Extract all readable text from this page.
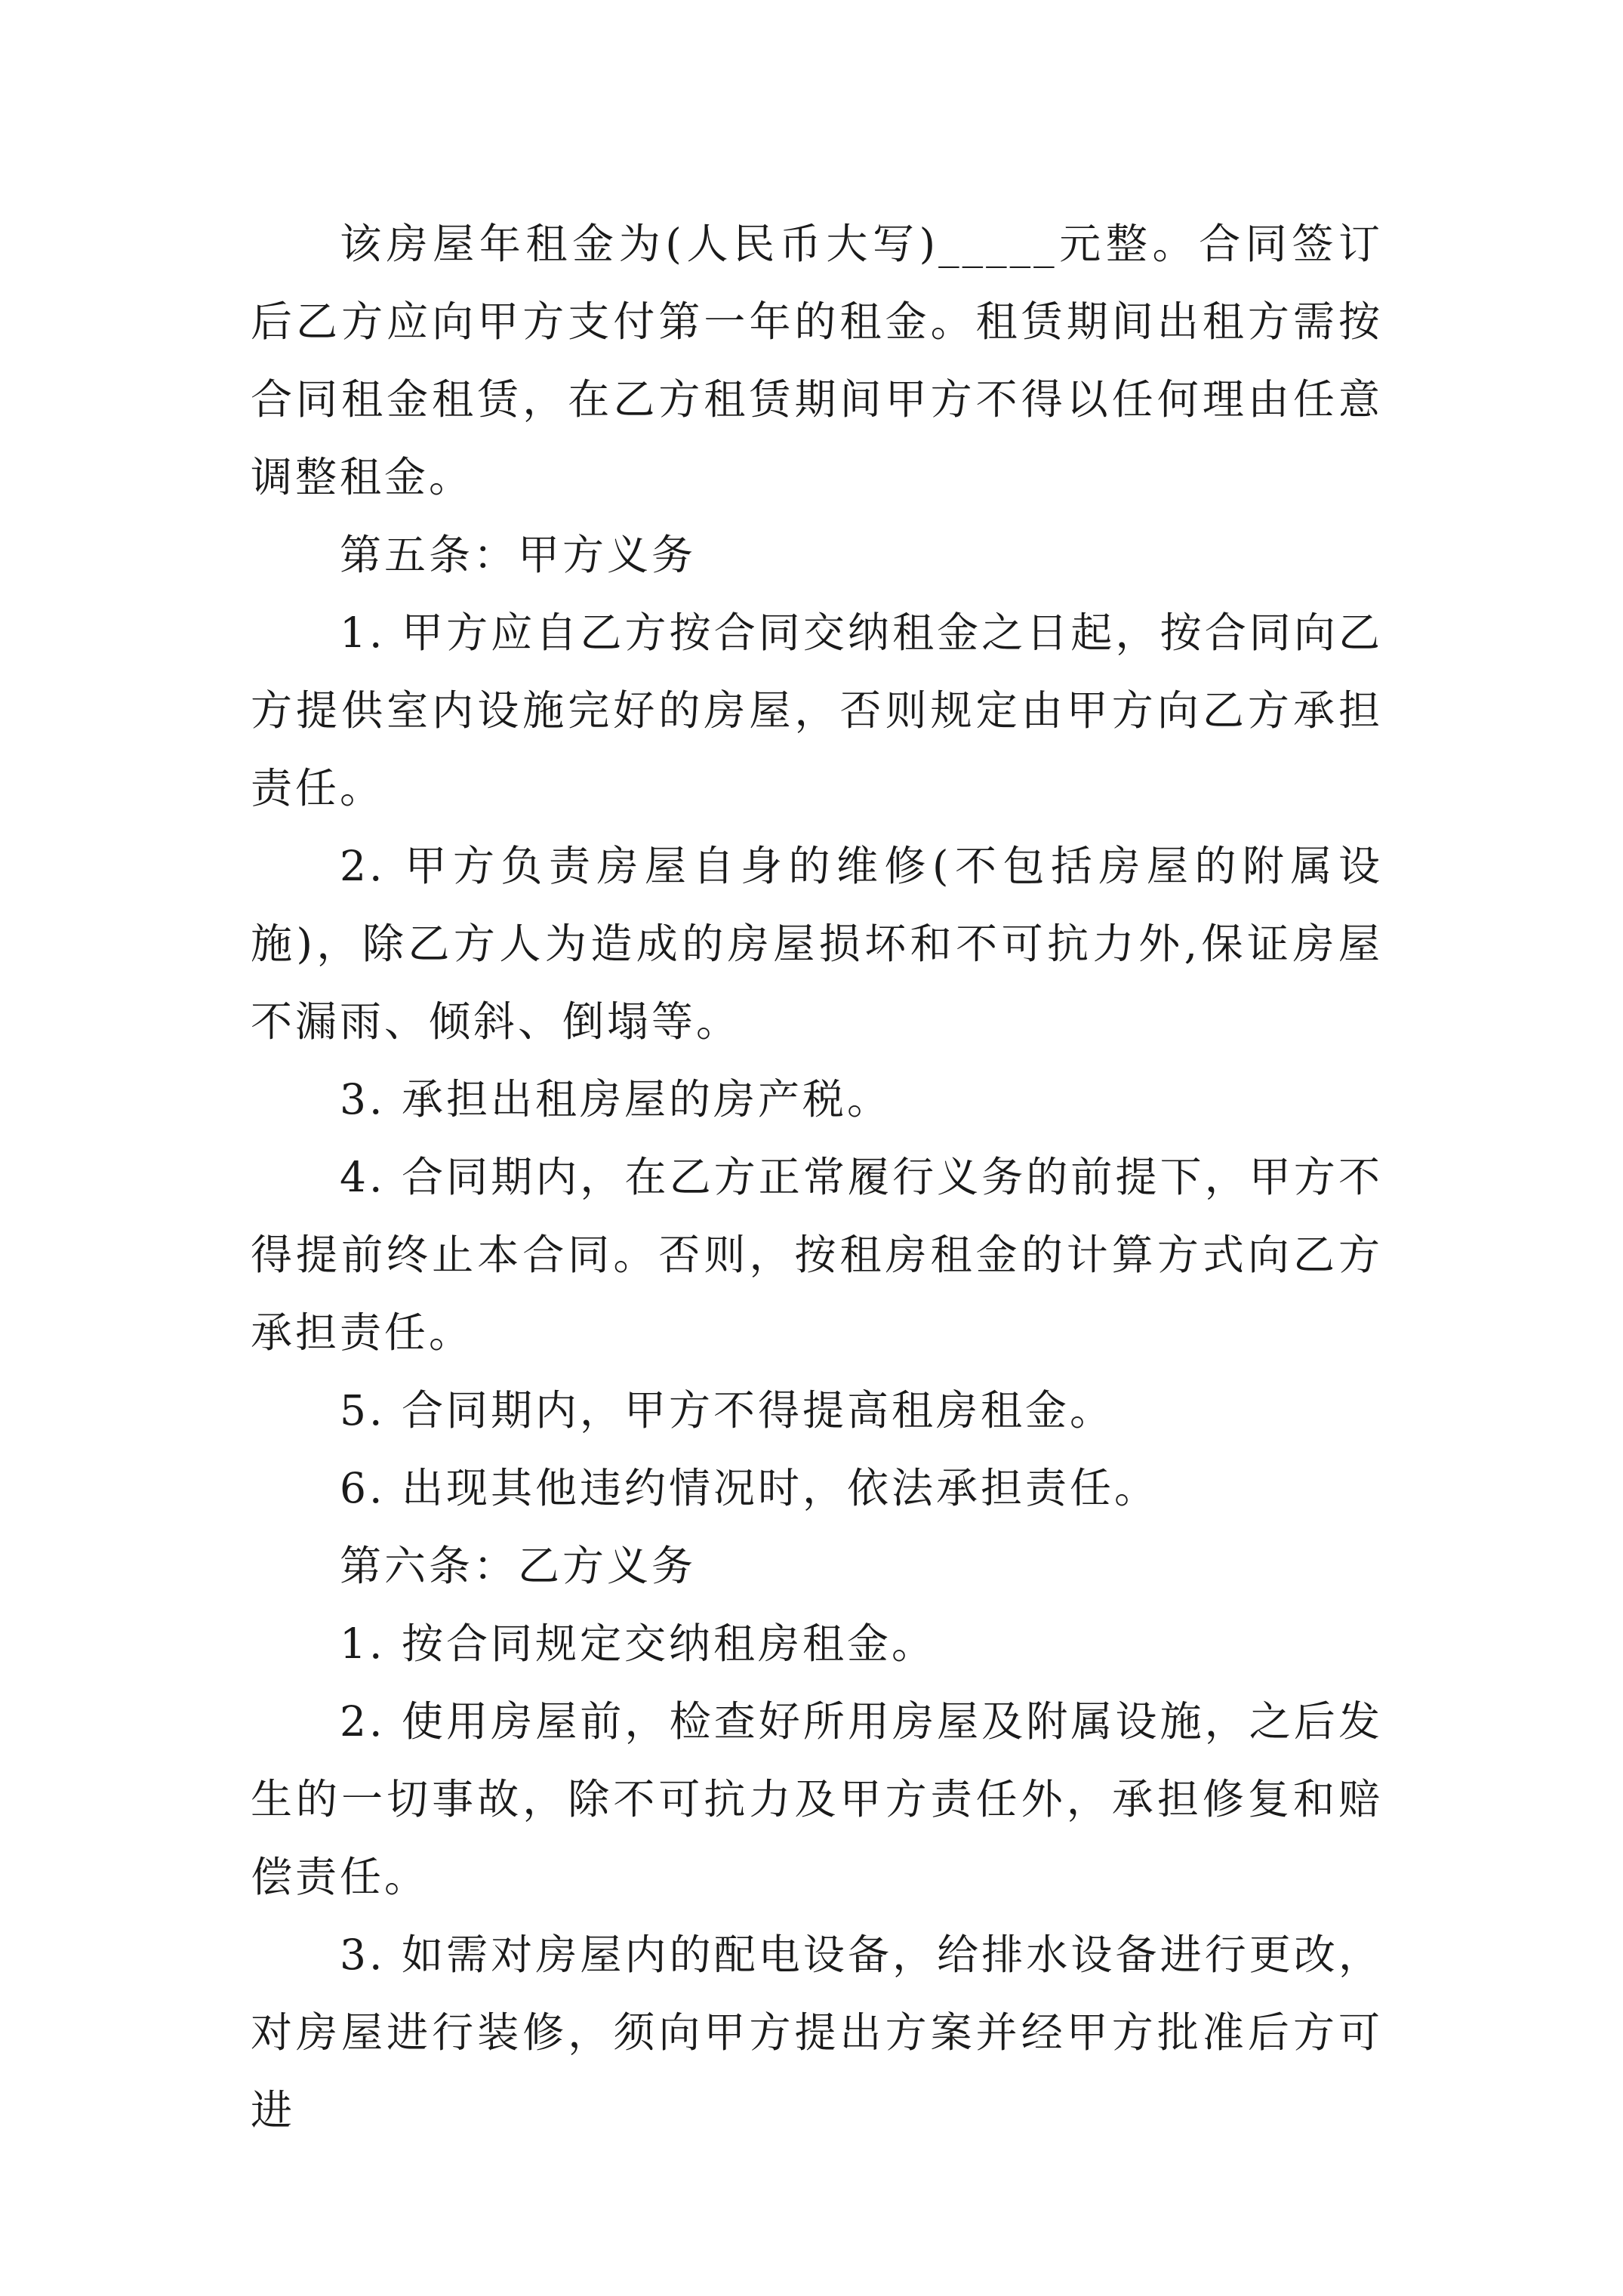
该房屋年租金为(人民币大写)_____元整。合同签订后乙方应向甲方支付第一年的租金。租赁期间出租方需按合同租金租赁，在乙方租赁期间甲方不得以任何理由任意调整租金。

第五条：甲方义务

1. 甲方应自乙方按合同交纳租金之日起，按合同向乙方提供室内设施完好的房屋，否则规定由甲方向乙方承担责任。

2. 甲方负责房屋自身的维修(不包括房屋的附属设施)，除乙方人为造成的房屋损坏和不可抗力外,保证房屋不漏雨、倾斜、倒塌等。

3. 承担出租房屋的房产税。

4. 合同期内，在乙方正常履行义务的前提下，甲方不得提前终止本合同。否则，按租房租金的计算方式向乙方承担责任。

5. 合同期内，甲方不得提高租房租金。

6. 出现其他违约情况时，依法承担责任。

第六条：乙方义务

1. 按合同规定交纳租房租金。

2. 使用房屋前，检查好所用房屋及附属设施，之后发生的一切事故，除不可抗力及甲方责任外，承担修复和赔偿责任。

3. 如需对房屋内的配电设备，给排水设备进行更改，对房屋进行装修，须向甲方提出方案并经甲方批准后方可进
